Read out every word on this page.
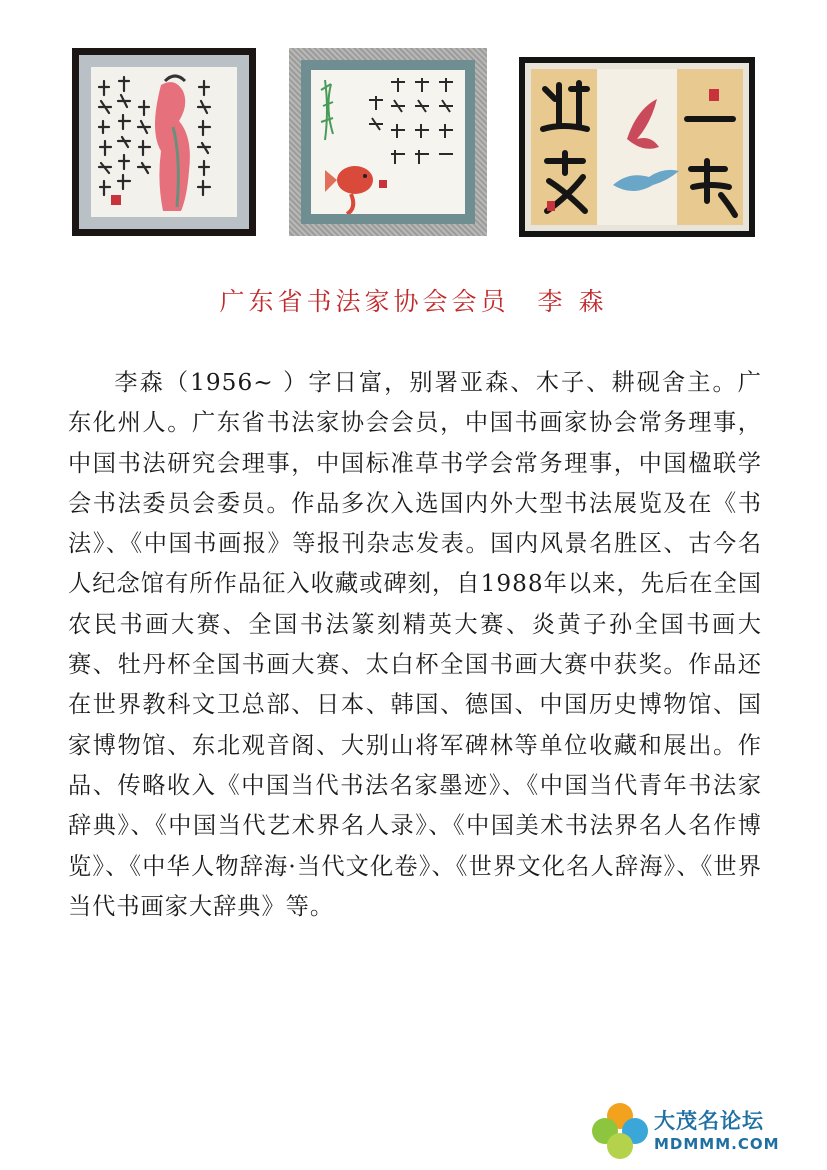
广东省书法家协会会员 李 森

李森（1956~ ）字日富，别署亚森、木子、耕砚舍主。广东化州人。广东省书法家协会会员，中国书画家协会常务理事，中国书法研究会理事，中国标准草书学会常务理事，中国楹联学会书法委员会委员。作品多次入选国内外大型书法展览及在《书法》、《中国书画报》等报刊杂志发表。国内风景名胜区、古今名人纪念馆有所作品征入收藏或碑刻，自1988年以来，先后在全国农民书画大赛、全国书法篆刻精英大赛、炎黄子孙全国书画大赛、牡丹杯全国书画大赛、太白杯全国书画大赛中获奖。作品还在世界教科文卫总部、日本、韩国、德国、中国历史博物馆、国家博物馆、东北观音阁、大别山将军碑林等单位收藏和展出。作品、传略收入《中国当代书法名家墨迹》、《中国当代青年书法家辞典》、《中国当代艺术界名人录》、《中国美术书法界名人名作博览》、《中华人物辞海·当代文化卷》、《世界文化名人辞海》、《世界当代书画家大辞典》等。

大茂名论坛
MDMMM.COM
